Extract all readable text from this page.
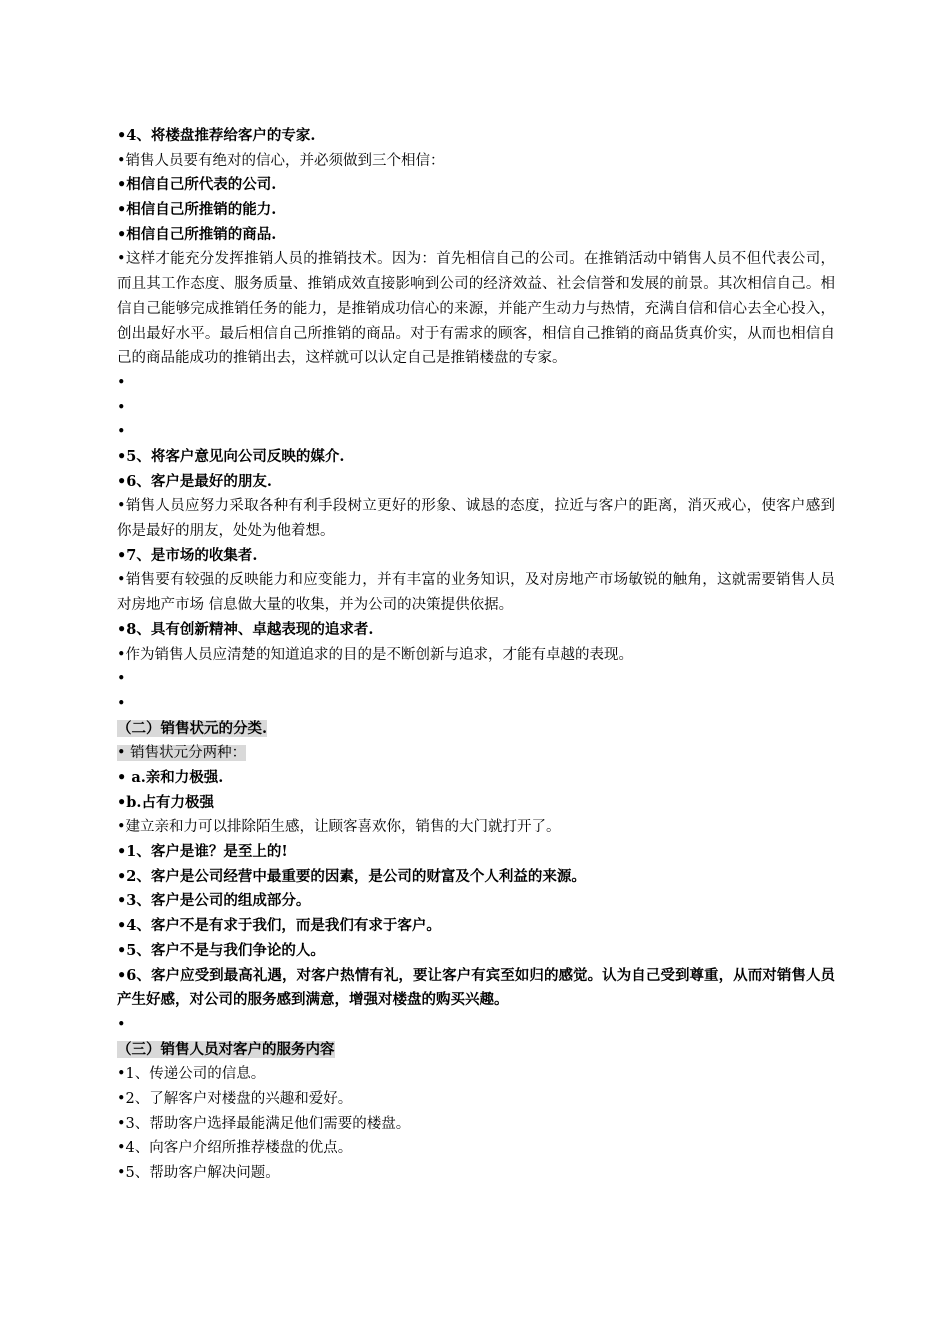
•4、将楼盘推荐给客户的专家.
•销售人员要有绝对的信心，并必须做到三个相信：
•相信自己所代表的公司.
•相信自己所推销的能力.
•相信自己所推销的商品.
•这样才能充分发挥推销人员的推销技术。因为：首先相信自己的公司。在推销活动中销售人员不但代表公司，而且其工作态度、服务质量、推销成效直接影响到公司的经济效益、社会信誉和发展的前景。其次相信自己。相信自己能够完成推销任务的能力，是推销成功信心的来源，并能产生动力与热情，充满自信和信心去全心投入，创出最好水平。最后相信自己所推销的商品。对于有需求的顾客，相信自己推销的商品货真价实，从而也相信自己的商品能成功的推销出去，这样就可以认定自己是推销楼盘的专家。
•
•
•
•5、将客户意见向公司反映的媒介.
•6、客户是最好的朋友.
•销售人员应努力采取各种有利手段树立更好的形象、诚恳的态度，拉近与客户的距离，消灭戒心，使客户感到你是最好的朋友，处处为他着想。
•7、是市场的收集者.
•销售要有较强的反映能力和应变能力，并有丰富的业务知识，及对房地产市场敏锐的触角，这就需要销售人员对房地产市场 信息做大量的收集，并为公司的决策提供依据。
•8、具有创新精神、卓越表现的追求者.
•作为销售人员应清楚的知道追求的目的是不断创新与追求，才能有卓越的表现。
•
•
（二）销售状元的分类.
• 销售状元分两种：
• a.亲和力极强.
•b.占有力极强
•建立亲和力可以排除陌生感，让顾客喜欢你，销售的大门就打开了。
•1、客户是谁？是至上的!
•2、客户是公司经营中最重要的因素，是公司的财富及个人利益的来源。
•3、客户是公司的组成部分。
•4、客户不是有求于我们，而是我们有求于客户。
•5、客户不是与我们争论的人。
•6、客户应受到最高礼遇，对客户热情有礼，要让客户有宾至如归的感觉。认为自己受到尊重，从而对销售人员产生好感，对公司的服务感到满意，增强对楼盘的购买兴趣。
•
（三）销售人员对客户的服务内容
•1、传递公司的信息。
•2、了解客户对楼盘的兴趣和爱好。
•3、帮助客户选择最能满足他们需要的楼盘。
•4、向客户介绍所推荐楼盘的优点。
•5、帮助客户解决问题。
